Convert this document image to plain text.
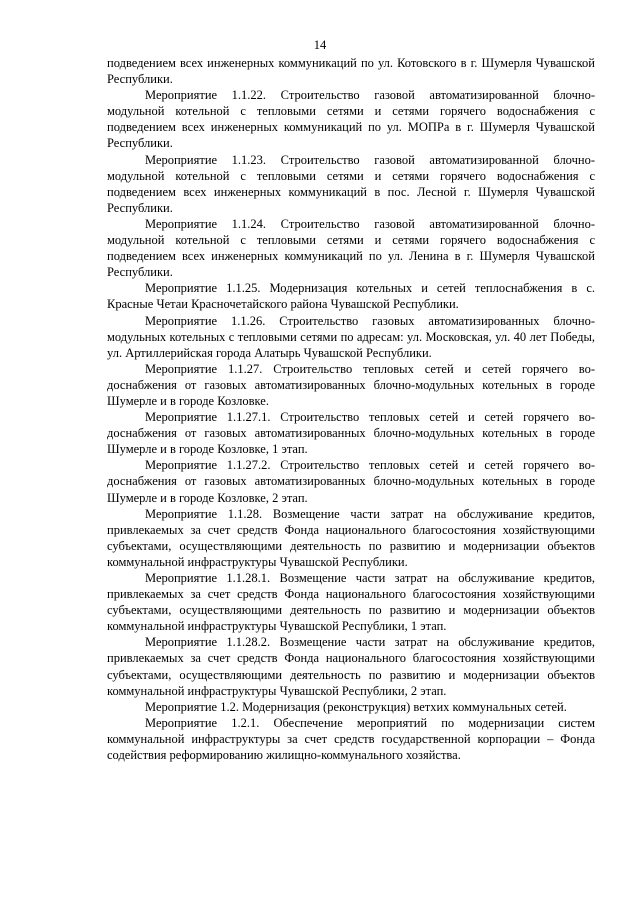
14

подведением всех инженерных коммуникаций по ул. Котовского в г. Шумерля Чувашской Республики.

Мероприятие 1.1.22. Строительство газовой автоматизированной блочно-модульной котельной с тепловыми сетями и сетями горячего водоснабжения с подведением всех инженерных коммуникаций по ул. МОПРа в г. Шумерля Чувашской Республики.

Мероприятие 1.1.23. Строительство газовой автоматизированной блочно-модульной котельной с тепловыми сетями и сетями горячего водоснабжения с подведением всех инженерных коммуникаций в пос. Лесной г. Шумерля Чувашской Республики.

Мероприятие 1.1.24. Строительство газовой автоматизированной блочно-модульной котельной с тепловыми сетями и сетями горячего водоснабжения с подведением всех инженерных коммуникаций по ул. Ленина в г. Шумерля Чувашской Республики.

Мероприятие 1.1.25. Модернизация котельных и сетей теплоснабжения в с. Красные Четаи Красночетайского района Чувашской Республики.

Мероприятие 1.1.26. Строительство газовых автоматизированных блочно-модульных котельных с тепловыми сетями по адресам: ул. Московская, ул. 40 лет Победы, ул. Артиллерийская города Алатырь Чувашской Республики.

Мероприятие 1.1.27. Строительство тепловых сетей и сетей горячего водоснабжения от газовых автоматизированных блочно-модульных котельных в городе Шумерле и в городе Козловке.

Мероприятие 1.1.27.1. Строительство тепловых сетей и сетей горячего водоснабжения от газовых автоматизированных блочно-модульных котельных в городе Шумерле и в городе Козловке, 1 этап.

Мероприятие 1.1.27.2. Строительство тепловых сетей и сетей горячего водоснабжения от газовых автоматизированных блочно-модульных котельных в городе Шумерле и в городе Козловке, 2 этап.

Мероприятие 1.1.28. Возмещение части затрат на обслуживание кредитов, привлекаемых за счет средств Фонда национального благосостояния хозяйствующими субъектами, осуществляющими деятельность по развитию и модернизации объектов коммунальной инфраструктуры Чувашской Республики.

Мероприятие 1.1.28.1. Возмещение части затрат на обслуживание кредитов, привлекаемых за счет средств Фонда национального благосостояния хозяйствующими субъектами, осуществляющими деятельность по развитию и модернизации объектов коммунальной инфраструктуры Чувашской Республики, 1 этап.

Мероприятие 1.1.28.2. Возмещение части затрат на обслуживание кредитов, привлекаемых за счет средств Фонда национального благосостояния хозяйствующими субъектами, осуществляющими деятельность по развитию и модернизации объектов коммунальной инфраструктуры Чувашской Республики, 2 этап.

Мероприятие 1.2. Модернизация (реконструкция) ветхих коммунальных сетей.

Мероприятие 1.2.1. Обеспечение мероприятий по модернизации систем коммунальной инфраструктуры за счет средств государственной корпорации – Фонда содействия реформированию жилищно-коммунального хозяйства.
